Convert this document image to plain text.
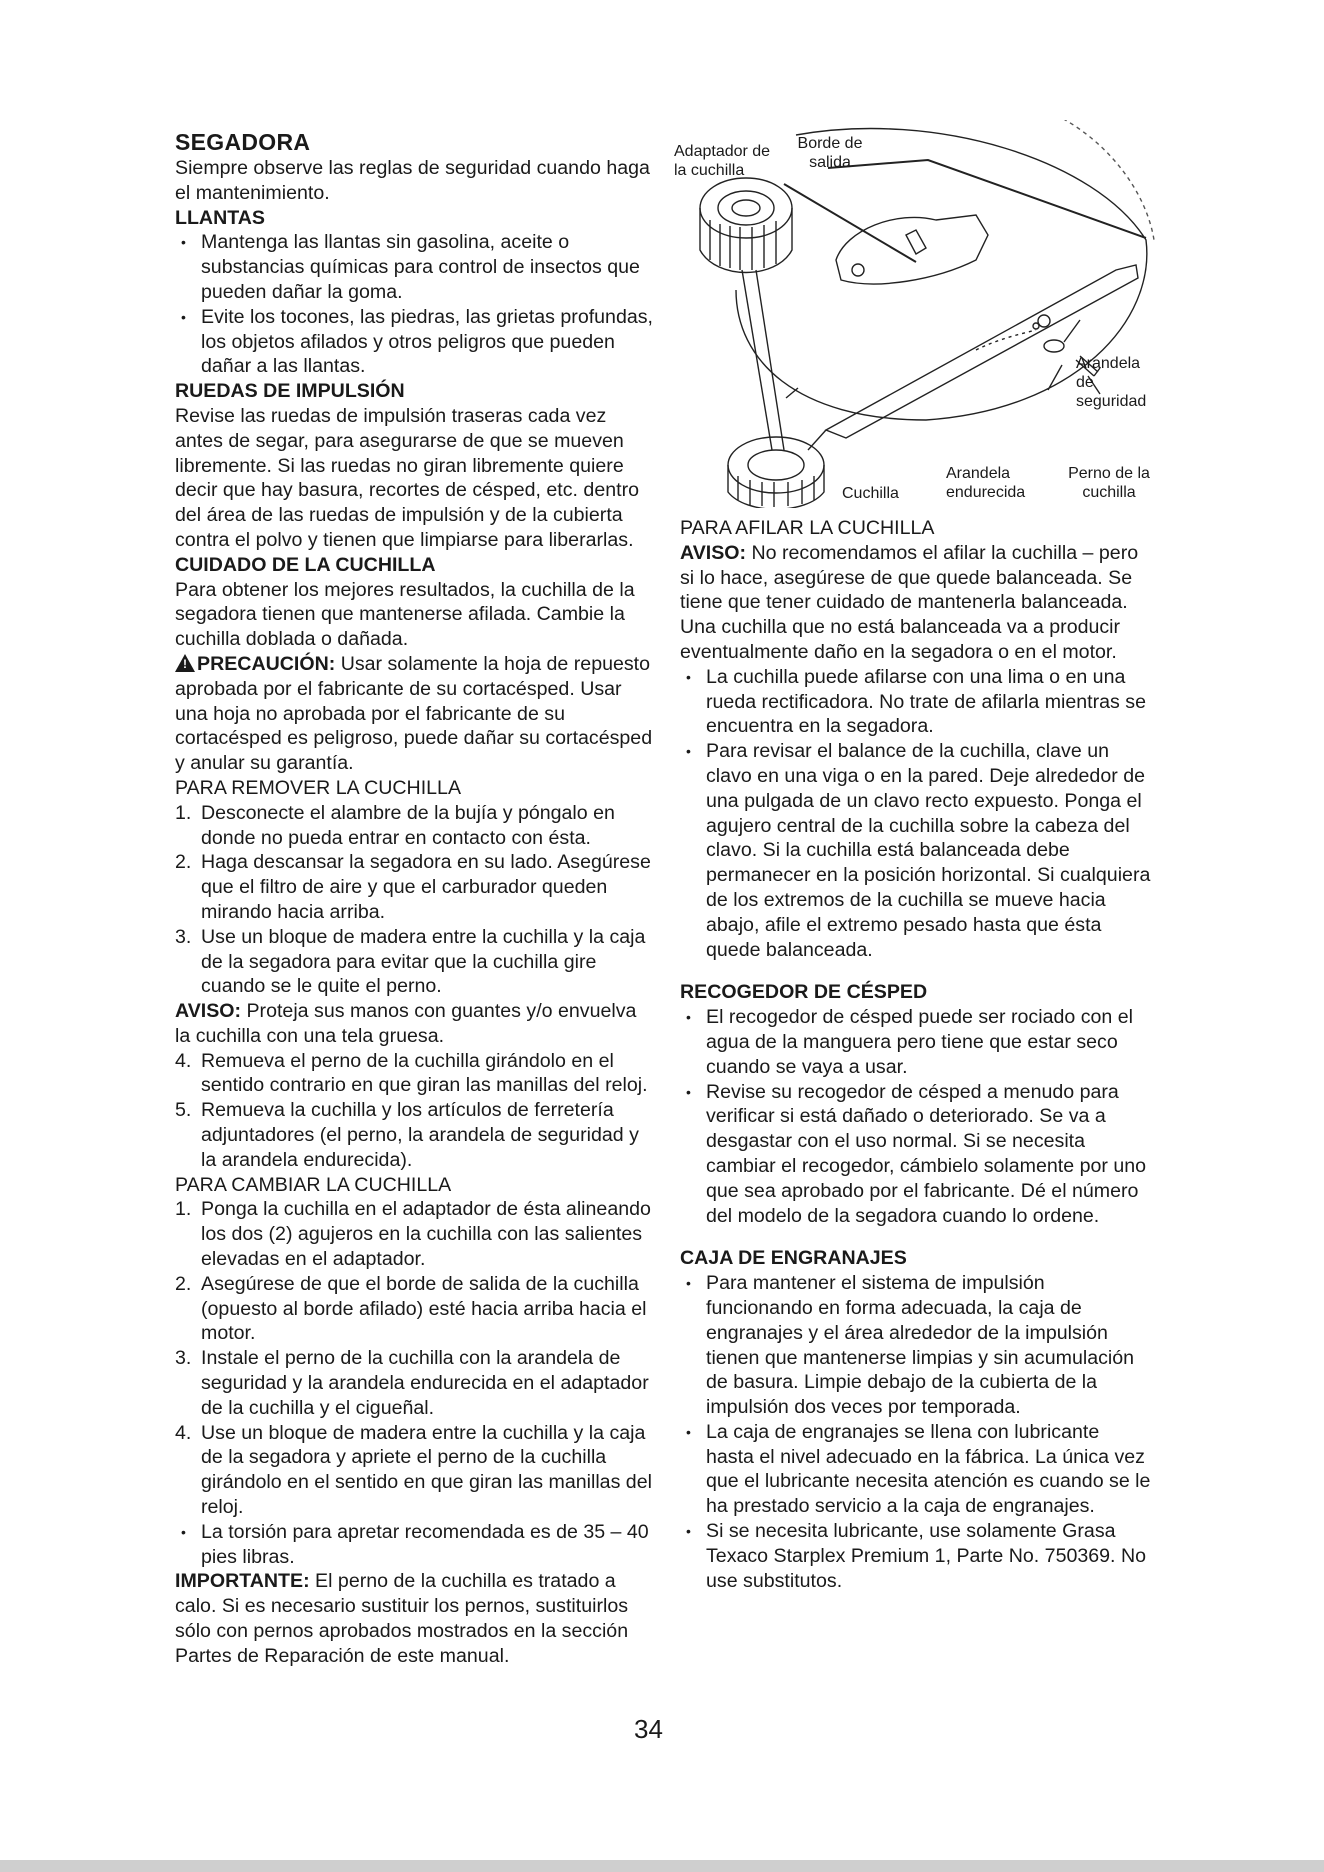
SEGADORA

Siempre observe las reglas de seguridad cuando haga el mantenimiento.

LLANTAS
• Mantenga las llantas sin gasolina, aceite o substancias químicas para control de insectos que pueden dañar la goma.
• Evite los tocones, las piedras, las grietas profundas, los objetos afilados y otros peligros que pueden dañar a las llantas.
RUEDAS DE IMPULSIÓN

Revise las ruedas de impulsión traseras cada vez antes de segar, para asegurarse de que se mueven libremente. Si las ruedas no giran libremente quiere decir que hay basura, recortes de césped, etc. dentro del área de las ruedas de impulsión y de la cubierta contra el polvo y tienen que limpiarse para liberarlas.

CUIDADO DE LA CUCHILLA

Para obtener los mejores resultados, la cuchilla de la segadora tienen que mantenerse afilada. Cambie la cuchilla doblada o dañada.

! PRECAUCIÓN: Usar solamente la hoja de repuesto aprobada por el fabricante de su cortacésped. Usar una hoja no aprobada por el fabricante de su cortacésped es peligroso, puede dañar su cortacésped y anular su garantía.

PARA REMOVER LA CUCHILLA
1. Desconecte el alambre de la bujía y póngalo en donde no pueda entrar en contacto con ésta.
2. Haga descansar la segadora en su lado. Asegúrese que el filtro de aire y que el carburador queden mirando hacia arriba.
3. Use un bloque de madera entre la cuchilla y la caja de la segadora para evitar que la cuchilla gire cuando se le quite el perno.

AVISO: Proteja sus manos con guantes y/o envuelva la cuchilla con una tela gruesa.

4. Remueva el perno de la cuchilla girándolo en el sentido contrario en que giran las manillas del reloj.
5. Remueva la cuchilla y los artículos de ferretería adjuntadores (el perno, la arandela de seguridad y la arandela endurecida).
PARA CAMBIAR LA CUCHILLA
1. Ponga la cuchilla en el adaptador de ésta alineando los dos (2) agujeros en la cuchilla con las salientes elevadas en el adaptador.
2. Asegúrese de que el borde de salida de la cuchilla (opuesto al borde afilado) esté hacia arriba hacia el motor.
3. Instale el perno de la cuchilla con la arandela de seguridad y la arandela endurecida en el adaptador de la cuchilla y el cigueñal.
4. Use un bloque de madera entre la cuchilla y la caja de la segadora y apriete el perno de la cuchilla girándolo en el sentido en que giran las manillas del reloj.
• La torsión para apretar recomendada es de 35 – 40 pies libras.

IMPORTANTE: El perno de la cuchilla es tratado a calo. Si es necesario sustituir los pernos, sustituirlos sólo con pernos aprobados mostrados en la sección Partes de Reparación de este manual.

Adaptador de la cuchilla
Borde de salida
Arandela de seguridad
Cuchilla
Arandela endurecida
Perno de la cuchilla
PARA AFILAR LA CUCHILLA

AVISO: No recomendamos el afilar la cuchilla – pero si lo hace, asegúrese de que quede balanceada. Se tiene que tener cuidado de mantenerla balanceada. Una cuchilla que no está balanceada va a producir eventualmente daño en la segadora o en el motor.

• La cuchilla puede afilarse con una lima o en una rueda rectificadora. No trate de afilarla mientras se encuentra en la segadora.
• Para revisar el balance de la cuchilla, clave un clavo en una viga o en la pared. Deje alrededor de una pulgada de un clavo recto expuesto. Ponga el agujero central de la cuchilla sobre la cabeza del clavo. Si la cuchilla está balanceada debe permanecer en la posición horizontal. Si cualquiera de los extremos de la cuchilla se mueve hacia abajo, afile el extremo pesado hasta que ésta quede balanceada.
RECOGEDOR DE CÉSPED
• El recogedor de césped puede ser rociado con el agua de la manguera pero tiene que estar seco cuando se vaya a usar.
• Revise su recogedor de césped a menudo para verificar si está dañado o deteriorado. Se va a desgastar con el uso normal. Si se necesita cambiar el recogedor, cámbielo solamente por uno que sea aprobado por el fabricante. Dé el número del modelo de la segadora cuando lo ordene.
CAJA DE ENGRANAJES
• Para mantener el sistema de impulsión funcionando en forma adecuada, la caja de engranajes y el área alrededor de la impulsión tienen que mantenerse limpias y sin acumulación de basura. Limpie debajo de la cubierta de la impulsión dos veces por temporada.
• La caja de engranajes se llena con lubricante hasta el nivel adecuado en la fábrica. La única vez que el lubricante necesita atención es cuando se le ha prestado servicio a la caja de engranajes.
• Si se necesita lubricante, use solamente Grasa Texaco Starplex Premium 1, Parte No. 750369. No use substitutos.
34
